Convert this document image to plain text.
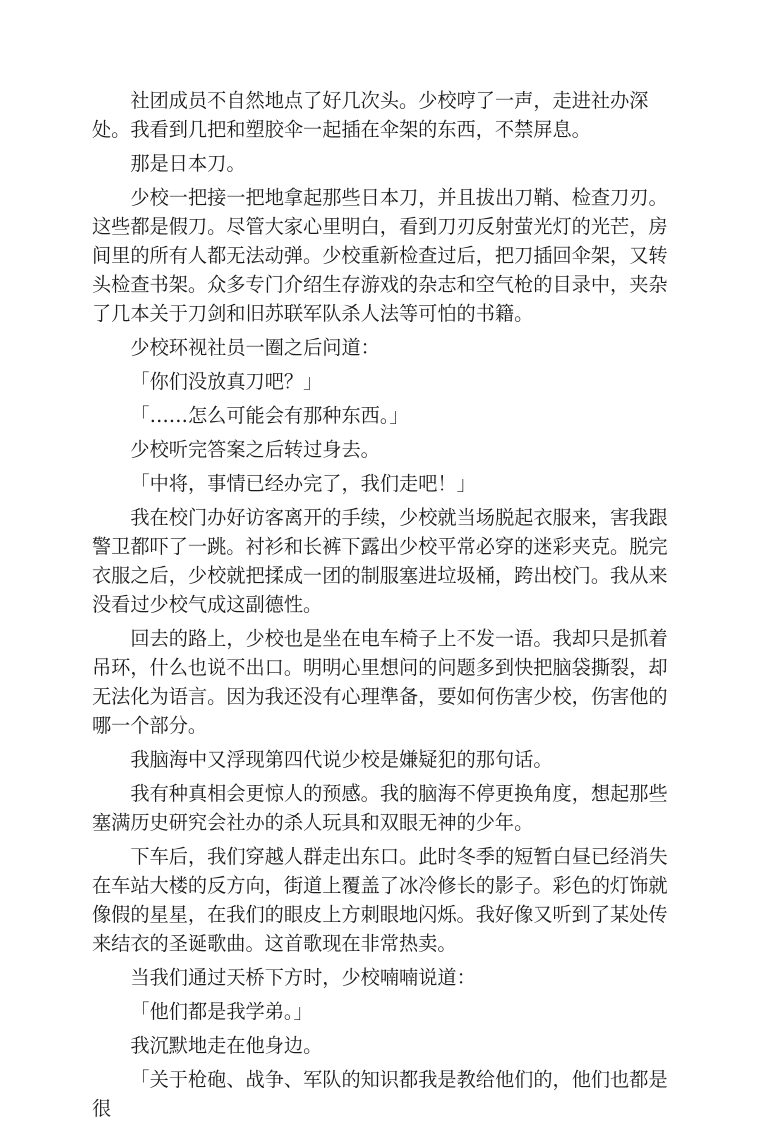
社团成员不自然地点了好几次头。少校哼了一声，走进社办深处。我看到几把和塑胶伞一起插在伞架的东西，不禁屏息。

那是日本刀。

少校一把接一把地拿起那些日本刀，并且拔出刀鞘、检查刀刃。这些都是假刀。尽管大家心里明白，看到刀刃反射萤光灯的光芒，房间里的所有人都无法动弹。少校重新检查过后，把刀插回伞架，又转头检查书架。众多专门介绍生存游戏的杂志和空气枪的目录中，夹杂了几本关于刀剑和旧苏联军队杀人法等可怕的书籍。

少校环视社员一圈之后问道：

「你们没放真刀吧？」

「……怎么可能会有那种东西。」

少校听完答案之后转过身去。

「中将，事情已经办完了，我们走吧！」

我在校门办好访客离开的手续，少校就当场脱起衣服来，害我跟警卫都吓了一跳。衬衫和长裤下露出少校平常必穿的迷彩夹克。脱完衣服之后，少校就把揉成一团的制服塞进垃圾桶，跨出校门。我从来没看过少校气成这副德性。

回去的路上，少校也是坐在电车椅子上不发一语。我却只是抓着吊环，什么也说不出口。明明心里想问的问题多到快把脑袋撕裂，却无法化为语言。因为我还没有心理準备，要如何伤害少校，伤害他的哪一个部分。

我脑海中又浮现第四代说少校是嫌疑犯的那句话。

我有种真相会更惊人的预感。我的脑海不停更换角度，想起那些塞满历史研究会社办的杀人玩具和双眼无神的少年。

下车后，我们穿越人群走出东口。此时冬季的短暂白昼已经消失在车站大楼的反方向，街道上覆盖了冰冷修长的影子。彩色的灯饰就像假的星星，在我们的眼皮上方刺眼地闪烁。我好像又听到了某处传来结衣的圣诞歌曲。这首歌现在非常热卖。

当我们通过天桥下方时，少校喃喃说道：

「他们都是我学弟。」

我沉默地走在他身边。

「关于枪砲、战争、军队的知识都我是教给他们的，他们也都是很
